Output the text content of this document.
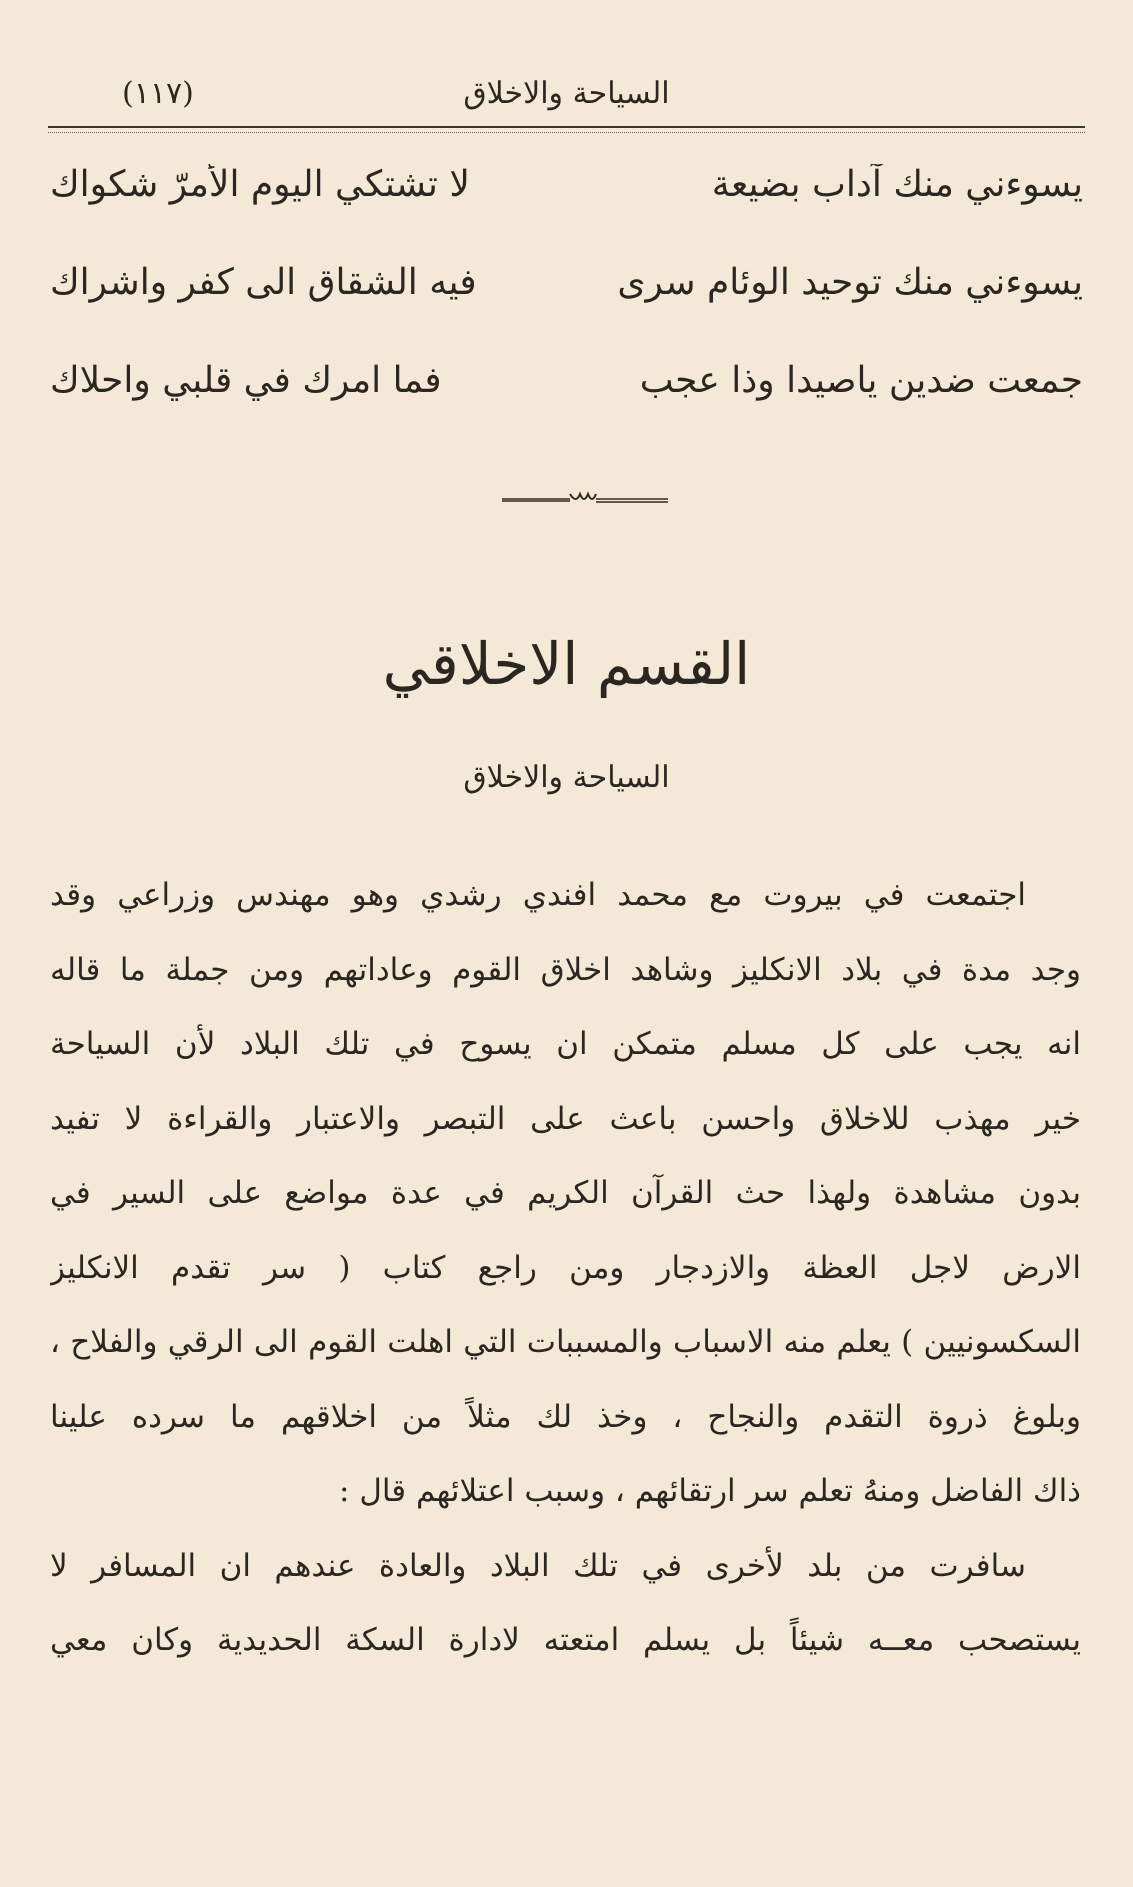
السياحة والاخلاق
(١١٧)
يسوءني منك آداب بضيعة
لا تشتكي اليوم الأمرّ شكواك
يسوءني منك توحيد الوئام سرى
فيه الشقاق الى كفر واشراك
جمعت ضدين ياصيدا وذا عجب
فما امرك في قلبي واحلاك
القسم الاخلاقي
السياحة والاخلاق
اجتمعت في بيروت مع محمد افندي رشدي وهو مهندس وزراعي وقد
وجد مدة في بلاد الانكليز وشاهد اخلاق القوم وعاداتهم ومن جملة ما قاله
انه يجب على كل مسلم متمكن ان يسوح في تلك البلاد لأن السياحة
خير مهذب للاخلاق واحسن باعث على التبصر والاعتبار والقراءة لا تفيد
بدون مشاهدة ولهذا حث القرآن الكريم في عدة مواضع على السير في
الارض لاجل العظة والازدجار ومن راجع كتاب ( سر تقدم الانكليز
السكسونيين ) يعلم منه الاسباب والمسببات التي اهلت القوم الى الرقي والفلاح ،
وبلوغ ذروة التقدم والنجاح ، وخذ لك مثلاً من اخلاقهم ما سرده علينا
ذاك الفاضل ومنهُ تعلم سر ارتقائهم ، وسبب اعتلائهم قال :
سافرت من بلد لأخرى في تلك البلاد والعادة عندهم ان المسافر لا
يستصحب معــه شيئاً بل يسلم امتعته لادارة السكة الحديدية وكان معي
